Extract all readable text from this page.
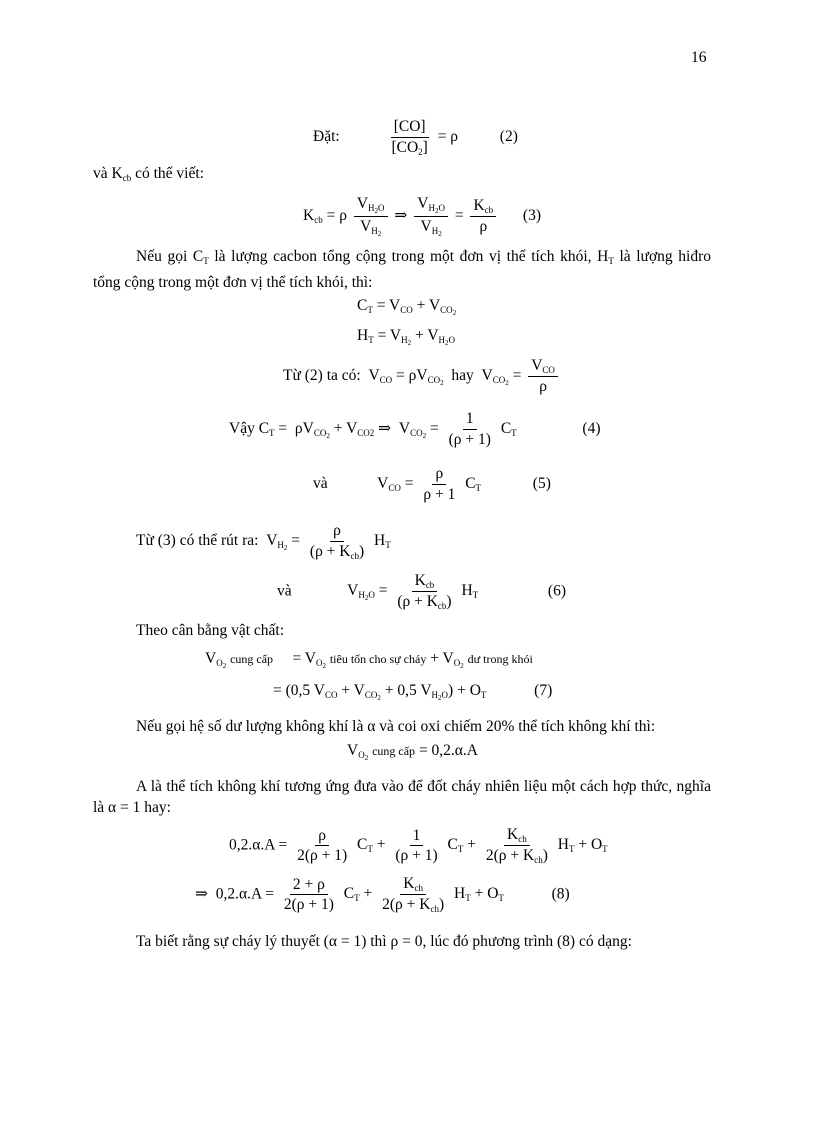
16
Đặt:	$\frac{[CO]}{[CO_2]} = \rho$	(2)
và $K_{cb}$ có thể viết:
$K_{cb} = \rho \frac{V_{H_2O}}{V_{H_2}}$ ⇒ $\frac{V_{H_2O}}{V_{H_2}} = \frac{K_{cb}}{\rho} (3)$
Nếu gọi $C_T$ là lượng cacbon tổng cộng trong một đơn vị thể tích khói, $H_T$ là lượng hiđro tổng cộng trong một đơn vị thể tích khói, thì:
$C_T = V_{CO} + V_{CO_2}$
$H_T = V_{H_2} + V_{H_2O}$
Từ (2) ta có:  $V_{CO} = \rho V_{CO_2}$ hay  $V_{CO_2} = \frac{V_{CO}}{\rho}$
Vậy $C_T = \rho V_{CO_2} + V_{CO2}$ ⇒  $V_{CO_2} = \frac{1}{(\rho + 1)} C_T$	(4)
và	$V_{CO} = \frac{\rho}{\rho + 1} C_T$	(5)
Từ (3) có thể rút ra:  $V_{H_2} = \frac{\rho}{(\rho + K_{cb})} H_T$
và	$V_{H_2O} = \frac{K_{cb}}{(\rho + K_{cb})} H_T$	(6)
Theo cân bằng vật chất:
$V_{O_2}$ cung cấp     = $V_{O_2}$ tiêu tốn cho sự cháy + $V_{O_2}$ dư trong khói
= (0,5 $V_{CO} + V_{CO_2} + 0,5$ $V_{H_2O}) + O_T$	(7)
Nếu gọi hệ số dư lượng không khí là α và coi oxi chiếm 20% thể tích không khí thì:
$V_{O_2}$ cung cấp = 0,2.α.A
A là thể tích không khí tương ứng đưa vào để đốt cháy nhiên liệu một cách hợp thức, nghĩa là α = 1 hay:
$0,2.\alpha.A = \frac{\rho}{2(\rho + 1)} C_T + \frac{1}{(\rho + 1)} C_T + \frac{K_{ch}}{2(\rho + K_{ch})} H_T + O_T$
⇒  $0,2.\alpha.A = \frac{2 + \rho}{2(\rho + 1)} C_T + \frac{K_{ch}}{2(\rho + K_{ch})} H_T + O_T$	(8)
Ta biết rằng sự cháy lý thuyết (α = 1) thì ρ = 0, lúc đó phương trình (8) có dạng:
